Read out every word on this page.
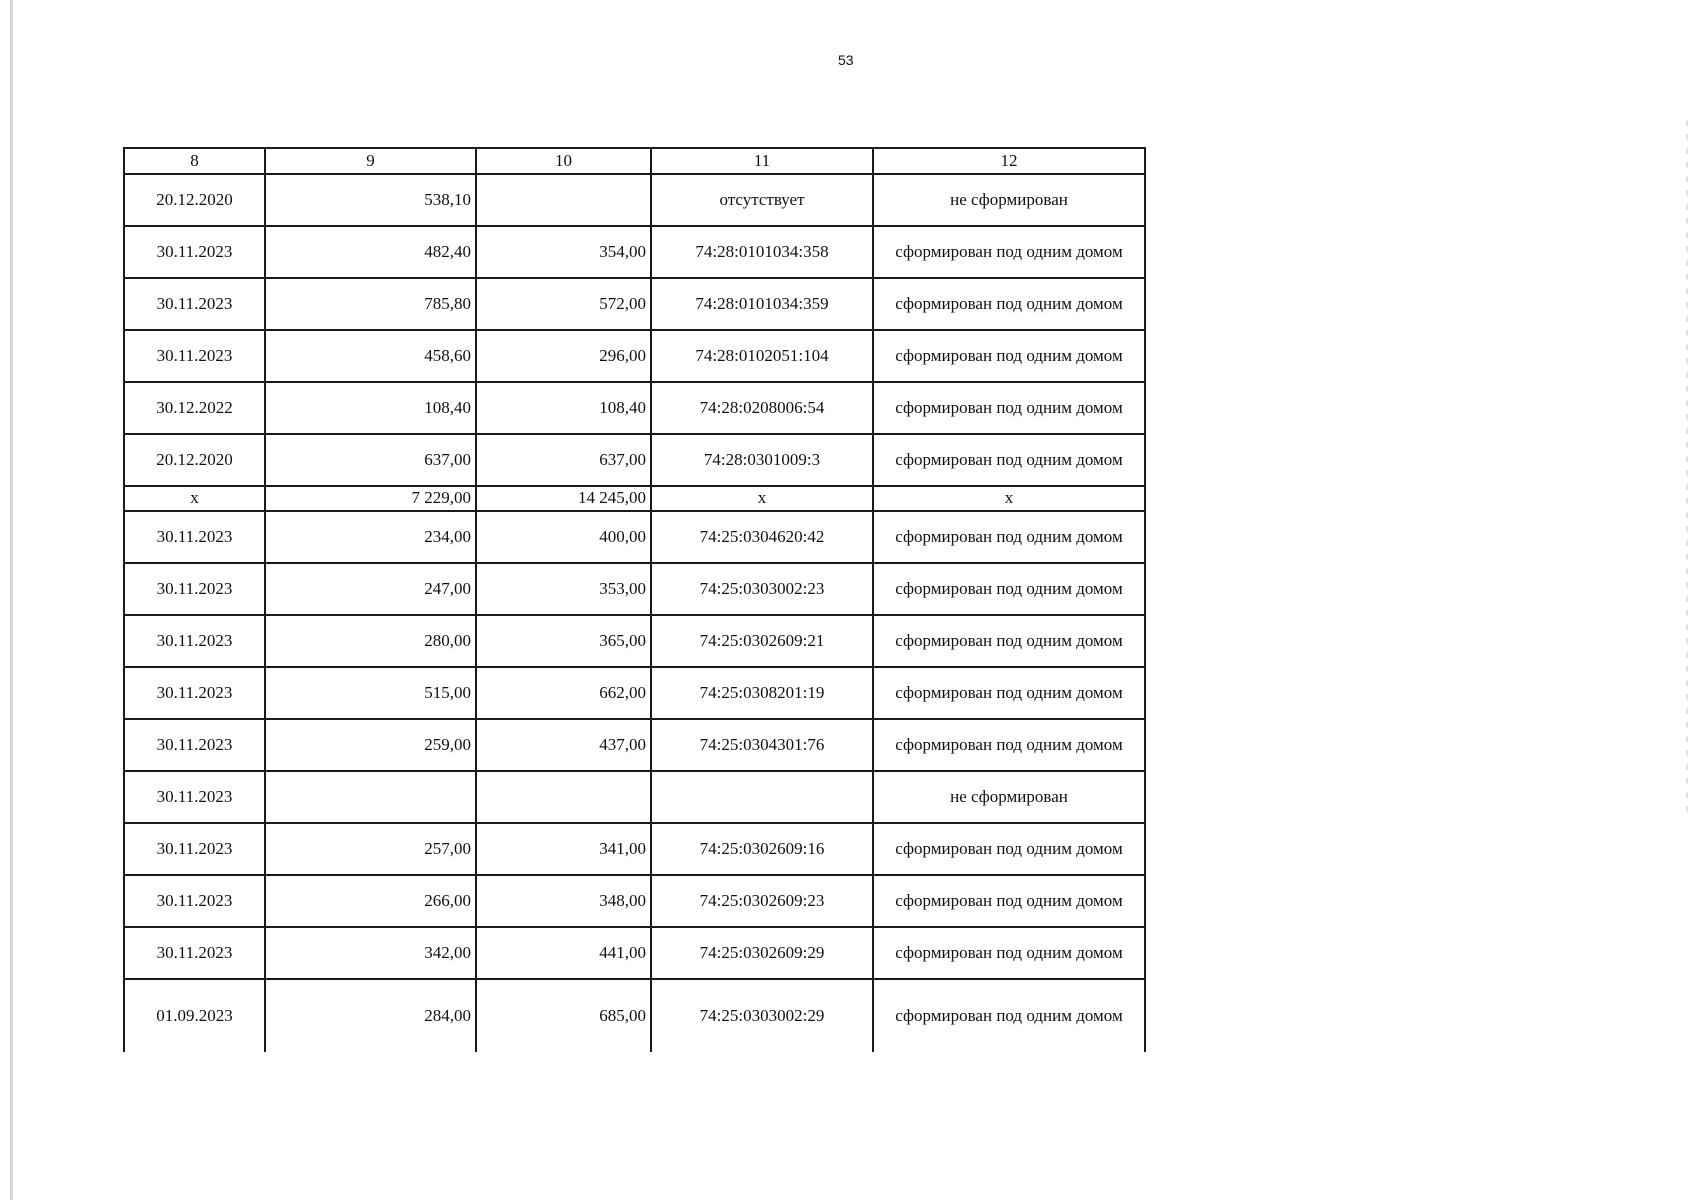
53
8	9	10	11	12
20.12.2020	538,10		отсутствует	не сформирован
30.11.2023	482,40	354,00	74:28:0101034:358	сформирован под одним домом
30.11.2023	785,80	572,00	74:28:0101034:359	сформирован под одним домом
30.11.2023	458,60	296,00	74:28:0102051:104	сформирован под одним домом
30.12.2022	108,40	108,40	74:28:0208006:54	сформирован под одним домом
20.12.2020	637,00	637,00	74:28:0301009:3	сформирован под одним домом
x	7 229,00	14 245,00	x	x
30.11.2023	234,00	400,00	74:25:0304620:42	сформирован под одним домом
30.11.2023	247,00	353,00	74:25:0303002:23	сформирован под одним домом
30.11.2023	280,00	365,00	74:25:0302609:21	сформирован под одним домом
30.11.2023	515,00	662,00	74:25:0308201:19	сформирован под одним домом
30.11.2023	259,00	437,00	74:25:0304301:76	сформирован под одним домом
30.11.2023				не сформирован
30.11.2023	257,00	341,00	74:25:0302609:16	сформирован под одним домом
30.11.2023	266,00	348,00	74:25:0302609:23	сформирован под одним домом
30.11.2023	342,00	441,00	74:25:0302609:29	сформирован под одним домом
01.09.2023	284,00	685,00	74:25:0303002:29	сформирован под одним домом
